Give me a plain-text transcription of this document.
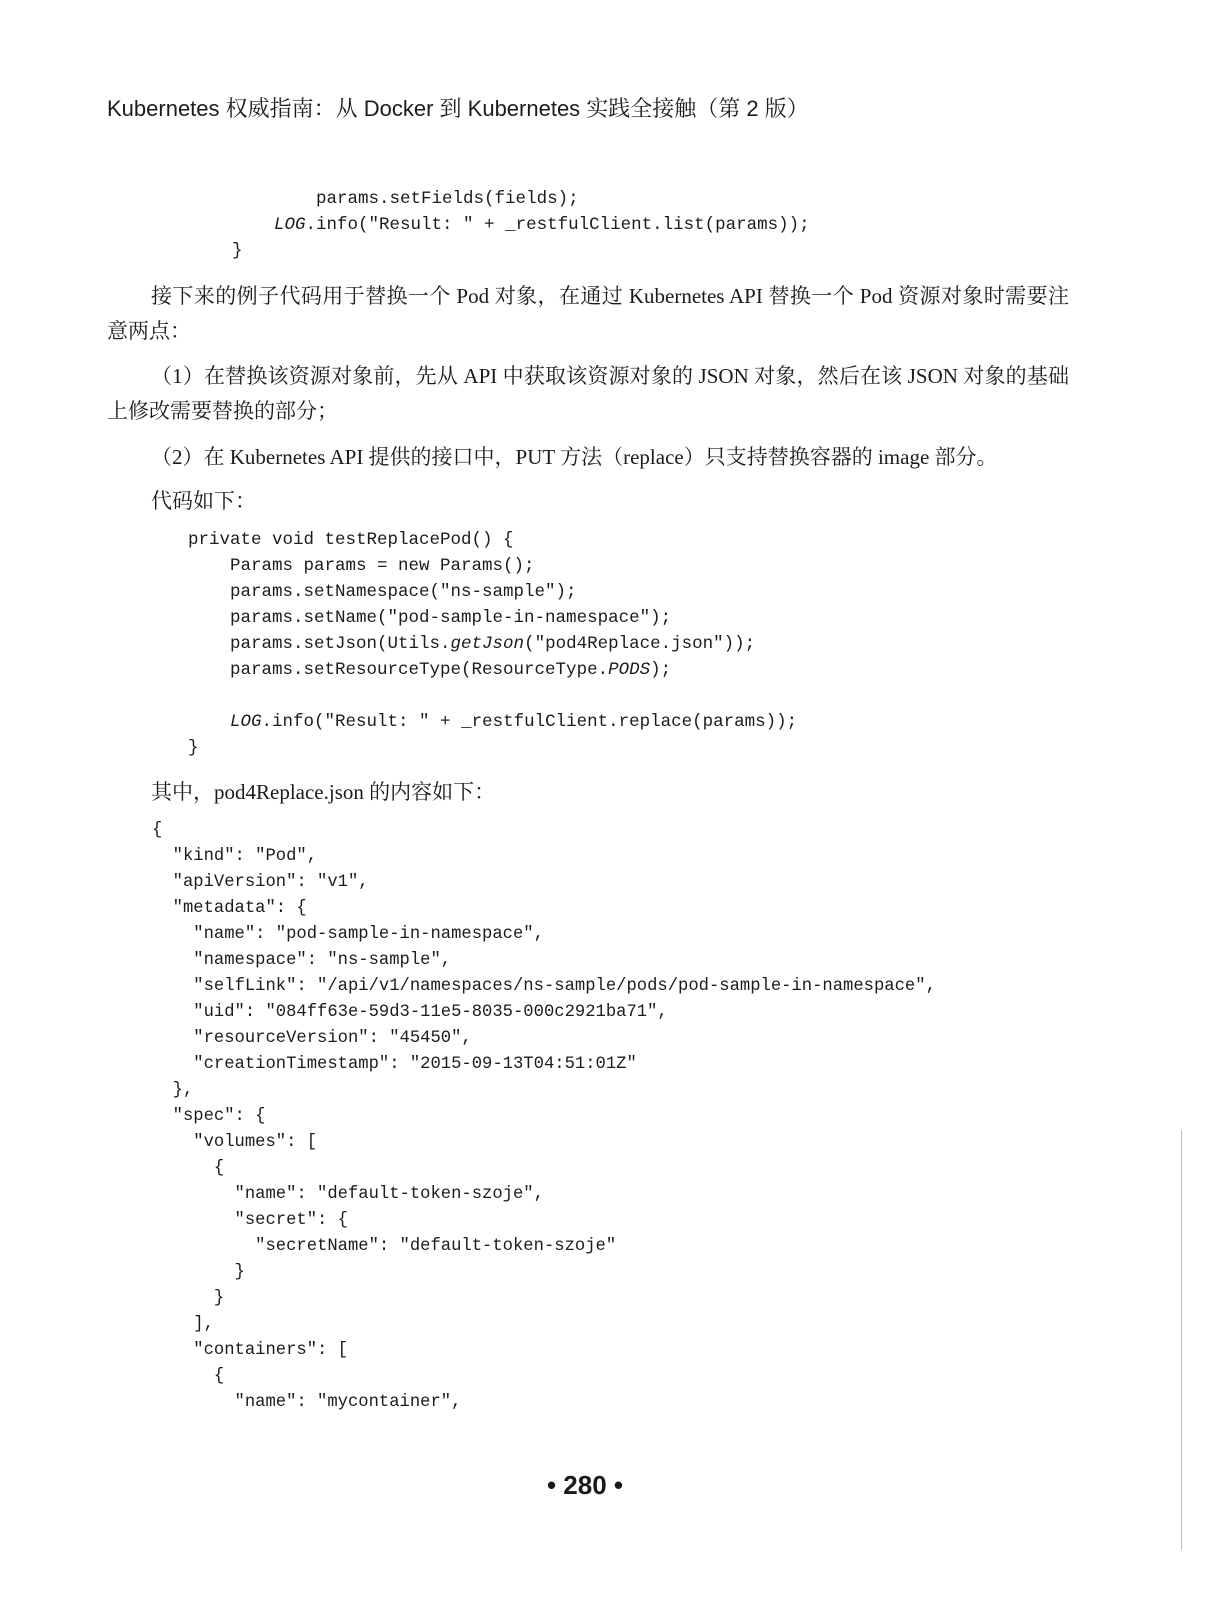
Kubernetes 权威指南：从 Docker 到 Kubernetes 实践全接触（第 2 版）
params.setFields(fields);
LOG.info("Result: " + _restfulClient.list(params));
}

接下来的例子代码用于替换一个 Pod 对象，在通过 Kubernetes API 替换一个 Pod 资源对象时需要注意两点：

（1）在替换该资源对象前，先从 API 中获取该资源对象的 JSON 对象，然后在该 JSON 对象的基础上修改需要替换的部分；

（2）在 Kubernetes API 提供的接口中，PUT 方法（replace）只支持替换容器的 image 部分。

代码如下：

private void testReplacePod() {
Params params = new Params();
params.setNamespace("ns-sample");
params.setName("pod-sample-in-namespace");
params.setJson(Utils.getJson("pod4Replace.json"));
params.setResourceType(ResourceType.PODS);
LOG.info("Result: " + _restfulClient.replace(params));
}

其中，pod4Replace.json 的内容如下：

{
"kind": "Pod",
"apiVersion": "v1",
"metadata": {
"name": "pod-sample-in-namespace",
"namespace": "ns-sample",
"selfLink": "/api/v1/namespaces/ns-sample/pods/pod-sample-in-namespace",
"uid": "084ff63e-59d3-11e5-8035-000c2921ba71",
"resourceVersion": "45450",
"creationTimestamp": "2015-09-13T04:51:01Z"
},
"spec": {
"volumes": [
{
"name": "default-token-szoje",
"secret": {
"secretName": "default-token-szoje"
}
}
],
"containers": [
{
"name": "mycontainer",
• 280 •
